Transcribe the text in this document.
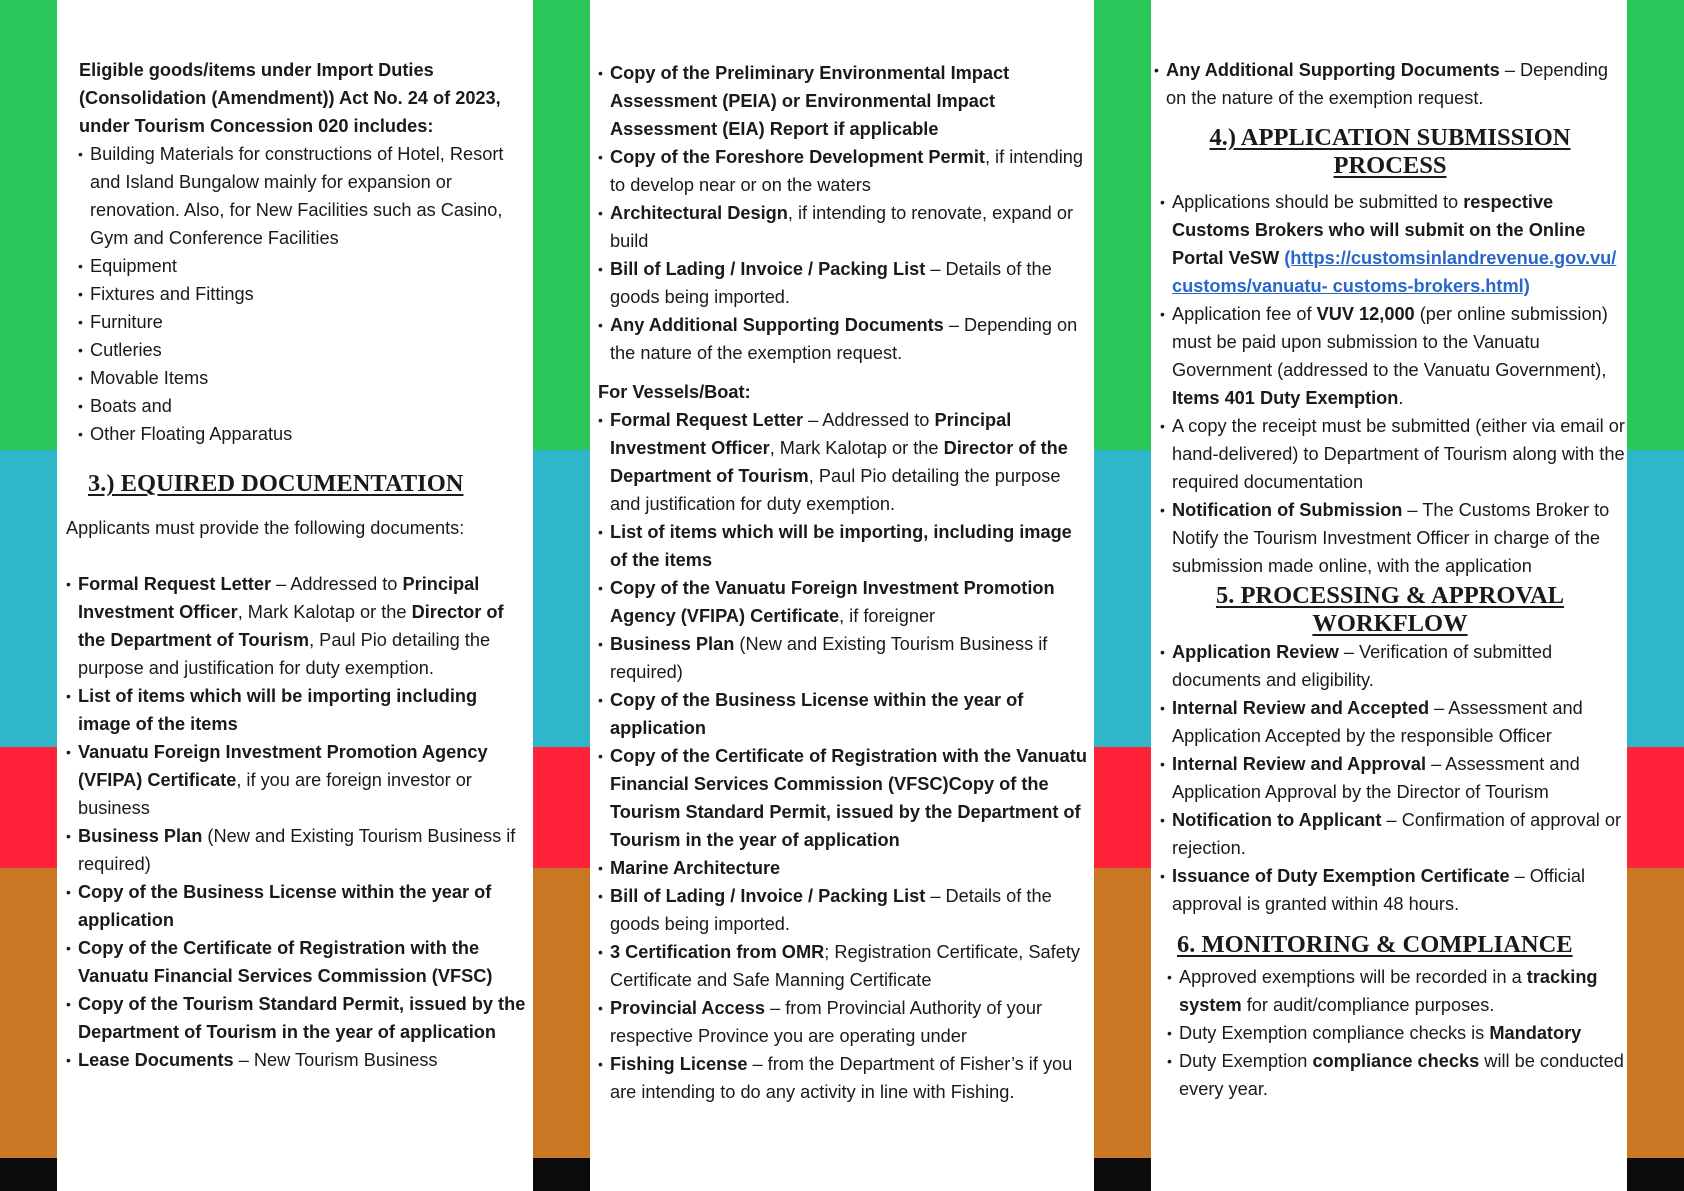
Eligible goods/items under Import Duties (Consolidation (Amendment)) Act No. 24 of 2023, under Tourism Concession 020 includes:

• Building Materials for constructions of Hotel, Resort and Island Bungalow mainly for expansion or renovation. Also, for New Facilities such as Casino, Gym and Conference Facilities
• Equipment
• Fixtures and Fittings
• Furniture
• Cutleries
• Movable Items
• Boats and
• Other Floating Apparatus
3.) EQUIRED DOCUMENTATION

Applicants must provide the following documents:

• Formal Request Letter – Addressed to Principal Investment Officer, Mark Kalotap or the Director of the Department of Tourism, Paul Pio detailing the purpose and justification for duty exemption.
• List of items which will be importing including image of the items
• Vanuatu Foreign Investment Promotion Agency (VFIPA) Certificate, if you are foreign investor or business
• Business Plan (New and Existing Tourism Business if required)
• Copy of the Business License within the year of application
• Copy of the Certificate of Registration with the Vanuatu Financial Services Commission (VFSC)
• Copy of the Tourism Standard Permit, issued by the Department of Tourism in the year of application
• Lease Documents – New Tourism Business
• Copy of the Preliminary Environmental Impact Assessment (PEIA) or Environmental Impact Assessment (EIA) Report if applicable
• Copy of the Foreshore Development Permit, if intending to develop near or on the waters
• Architectural Design, if intending to renovate, expand or build
• Bill of Lading / Invoice / Packing List – Details of the goods being imported.
• Any Additional Supporting Documents – Depending on the nature of the exemption request.

For Vessels/Boat:

• Formal Request Letter – Addressed to Principal Investment Officer, Mark Kalotap or the Director of the Department of Tourism, Paul Pio detailing the purpose and justification for duty exemption.
• List of items which will be importing, including image of the items
• Copy of the Vanuatu Foreign Investment Promotion Agency (VFIPA) Certificate, if foreigner
• Business Plan (New and Existing Tourism Business if required)
• Copy of the Business License within the year of application
• Copy of the Certificate of Registration with the Vanuatu Financial Services Commission (VFSC)Copy of the Tourism Standard Permit, issued by the Department of Tourism in the year of application
• Marine Architecture
• Bill of Lading / Invoice / Packing List – Details of the goods being imported.
• 3 Certification from OMR; Registration Certificate, Safety Certificate and Safe Manning Certificate
• Provincial Access – from Provincial Authority of your respective Province you are operating under
• Fishing License – from the Department of Fisher’s if you are intending to do any activity in line with Fishing.
• Any Additional Supporting Documents – Depending on the nature of the exemption request.
4.) APPLICATION SUBMISSION PROCESS
• Applications should be submitted to respective Customs Brokers who will submit on the Online Portal VeSW (https://customsinlandrevenue.gov.vu/ customs/vanuatu- customs-brokers.html)
• Application fee of VUV 12,000 (per online submission) must be paid upon submission to the Vanuatu Government (addressed to the Vanuatu Government), Items 401 Duty Exemption.
• A copy the receipt must be submitted (either via email or hand-delivered) to Department of Tourism along with the required documentation
• Notification of Submission – The Customs Broker to Notify the Tourism Investment Officer in charge of the submission made online, with the application
5. PROCESSING & APPROVAL WORKFLOW
• Application Review – Verification of submitted documents and eligibility.
• Internal Review and Accepted – Assessment and Application Accepted by the responsible Officer
• Internal Review and Approval – Assessment and Application Approval by the Director of Tourism
• Notification to Applicant – Confirmation of approval or rejection.
• Issuance of Duty Exemption Certificate – Official approval is granted within 48 hours.
6. MONITORING & COMPLIANCE
• Approved exemptions will be recorded in a tracking system for audit/compliance purposes.
• Duty Exemption compliance checks is Mandatory
• Duty Exemption compliance checks will be conducted every year.
